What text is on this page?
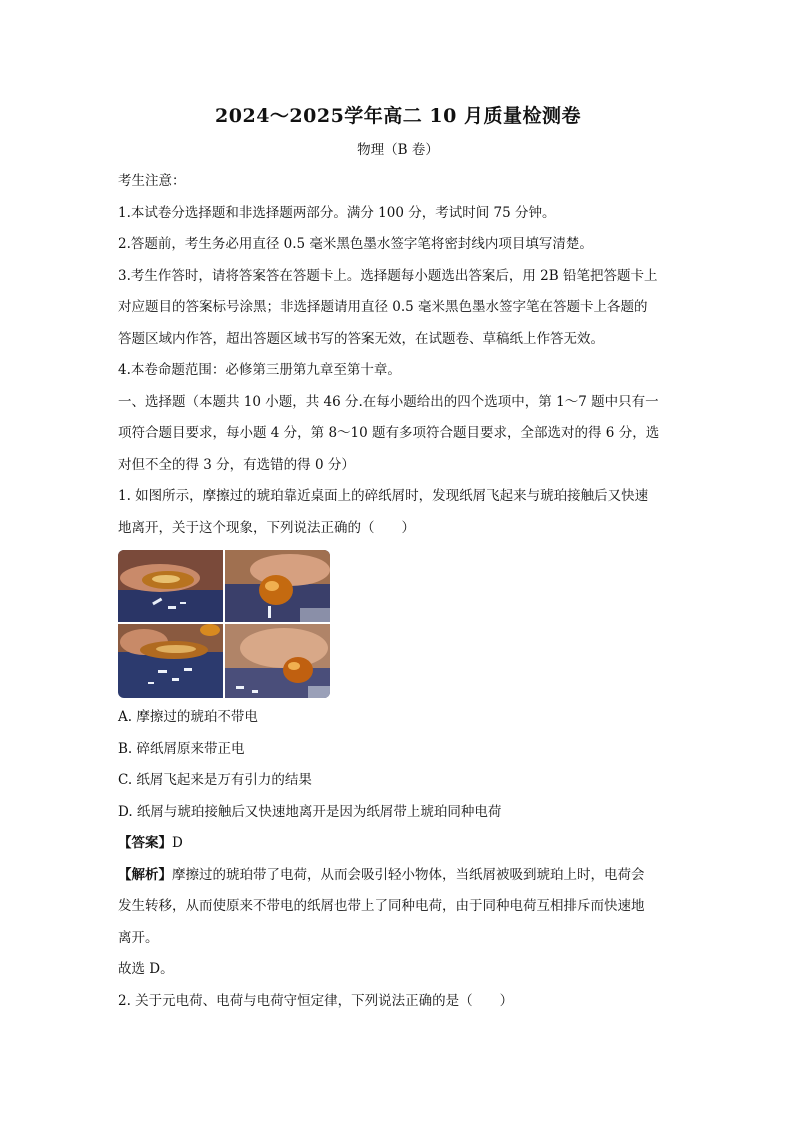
2024～2025学年高二 10 月质量检测卷

物理（B 卷）

考生注意：

1.本试卷分选择题和非选择题两部分。满分 100 分，考试时间 75 分钟。

2.答题前，考生务必用直径 0.5 毫米黑色墨水签字笔将密封线内项目填写清楚。

3.考生作答时，请将答案答在答题卡上。选择题每小题选出答案后，用 2B 铅笔把答题卡上

对应题目的答案标号涂黑；非选择题请用直径 0.5 毫米黑色墨水签字笔在答题卡上各题的

答题区域内作答，超出答题区域书写的答案无效，在试题卷、草稿纸上作答无效。

4.本卷命题范围：必修第三册第九章至第十章。

一、选择题（本题共 10 小题，共 46 分.在每小题给出的四个选项中，第 1～7 题中只有一

项符合题目要求，每小题 4 分，第 8～10 题有多项符合题目要求，全部选对的得 6 分，选

对但不全的得 3 分，有选错的得 0 分）

1. 如图所示，摩擦过的琥珀靠近桌面上的碎纸屑时，发现纸屑飞起来与琥珀接触后又快速

地离开，关于这个现象，下列说法正确的（　　）

A. 摩擦过的琥珀不带电

B. 碎纸屑原来带正电

C. 纸屑飞起来是万有引力的结果

D. 纸屑与琥珀接触后又快速地离开是因为纸屑带上琥珀同种电荷

【答案】D

【解析】摩擦过的琥珀带了电荷，从而会吸引轻小物体，当纸屑被吸到琥珀上时，电荷会

发生转移，从而使原来不带电的纸屑也带上了同种电荷，由于同种电荷互相排斥而快速地

离开。

故选 D。

2. 关于元电荷、电荷与电荷守恒定律，下列说法正确的是（　　）
